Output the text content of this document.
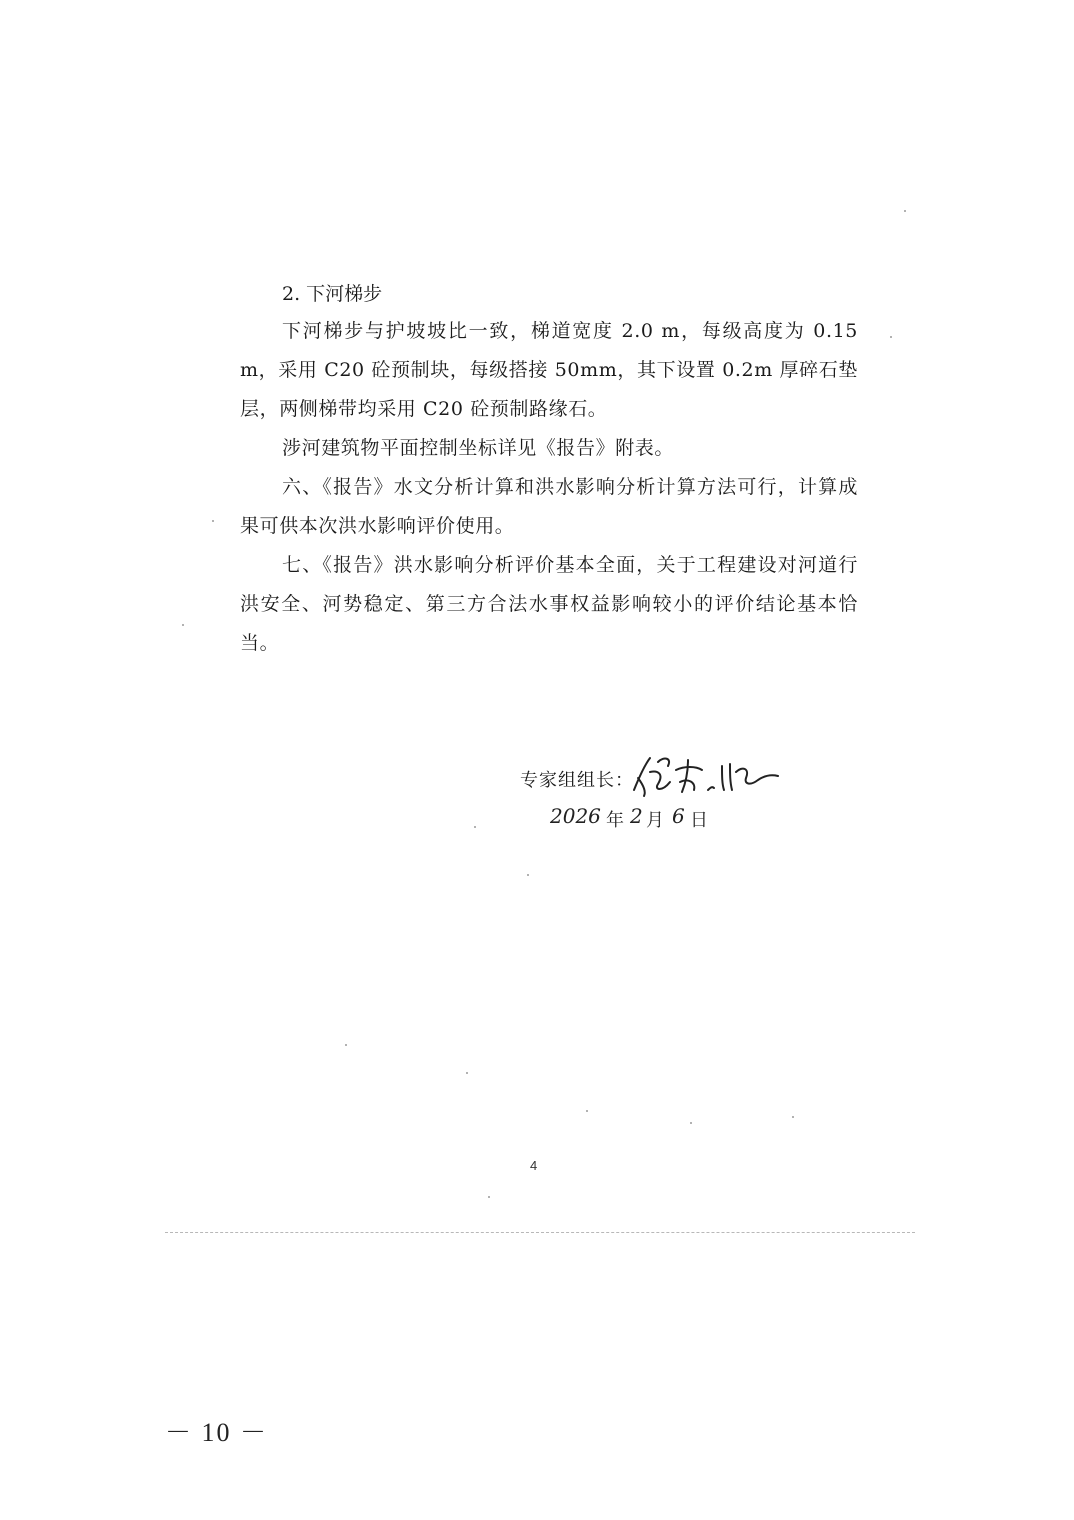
2. 下河梯步

下河梯步与护坡坡比一致，梯道宽度 2.0 m，每级高度为 0.15m，采用 C20 砼预制块，每级搭接 50mm，其下设置 0.2m 厚碎石垫层，两侧梯带均采用 C20 砼预制路缘石。

涉河建筑物平面控制坐标详见《报告》附表。

六、《报告》水文分析计算和洪水影响分析计算方法可行，计算成果可供本次洪水影响评价使用。

七、《报告》洪水影响分析评价基本全面，关于工程建设对河道行洪安全、河势稳定、第三方合法水事权益影响较小的评价结论基本恰当。

专家组组长：
2026 年 2 月 6 日
4
－ 10 －
